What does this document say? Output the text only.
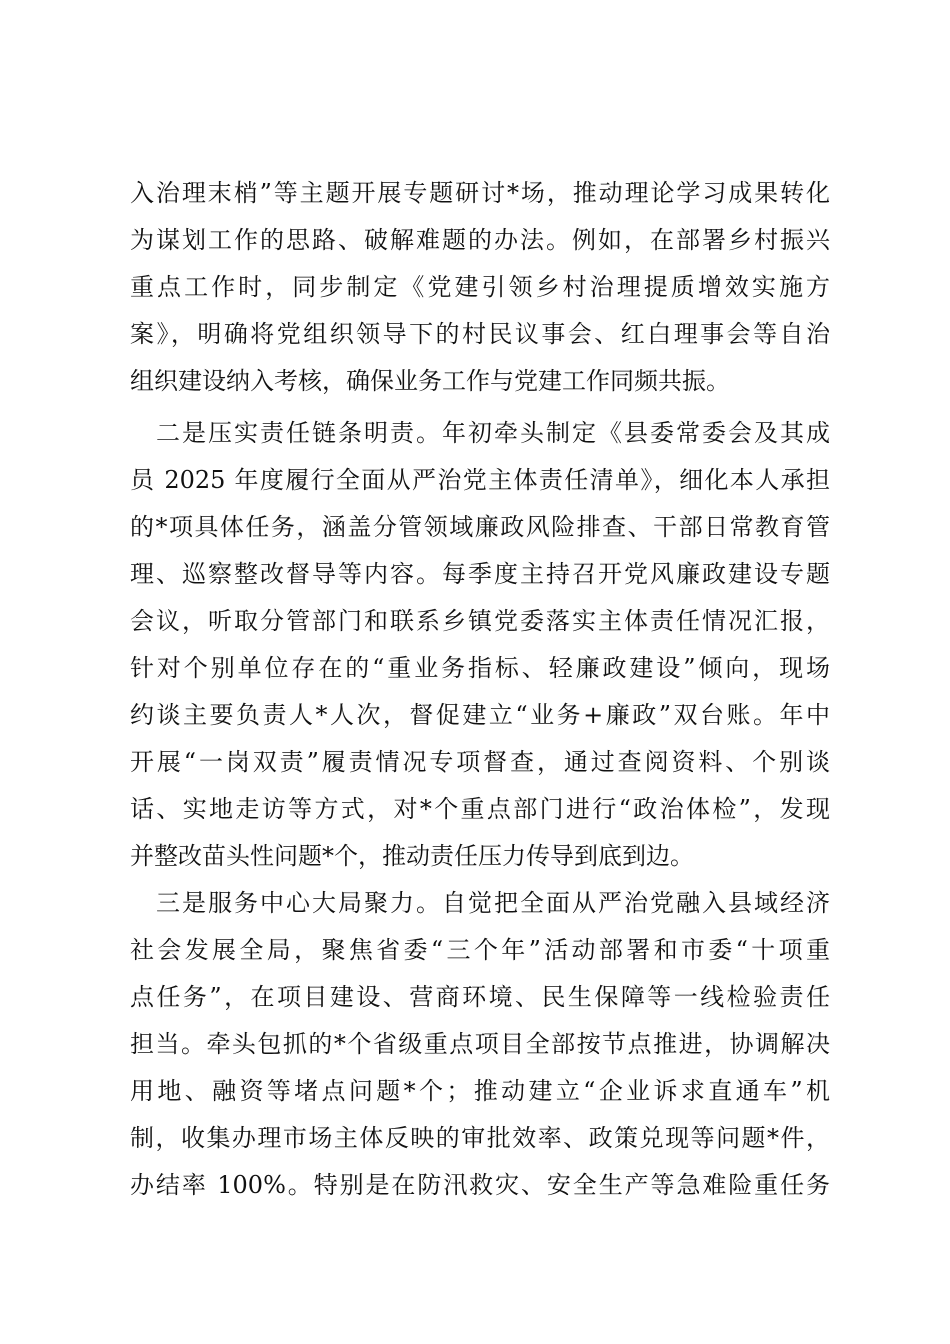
入治理末梢”等主题开展专题研讨*场，推动理论学习成果转化
为谋划工作的思路、破解难题的办法。例如，在部署乡村振兴
重点工作时，同步制定《党建引领乡村治理提质增效实施方
案》，明确将党组织领导下的村民议事会、红白理事会等自治
组织建设纳入考核，确保业务工作与党建工作同频共振。
　二是压实责任链条明责。年初牵头制定《县委常委会及其成
员 2025 年度履行全面从严治党主体责任清单》，细化本人承担
的*项具体任务，涵盖分管领域廉政风险排查、干部日常教育管
理、巡察整改督导等内容。每季度主持召开党风廉政建设专题
会议，听取分管部门和联系乡镇党委落实主体责任情况汇报，
针对个别单位存在的“重业务指标、轻廉政建设”倾向，现场
约谈主要负责人*人次，督促建立“业务+廉政”双台账。年中
开展“一岗双责”履责情况专项督查，通过查阅资料、个别谈
话、实地走访等方式，对*个重点部门进行“政治体检”，发现
并整改苗头性问题*个，推动责任压力传导到底到边。
　三是服务中心大局聚力。自觉把全面从严治党融入县域经济
社会发展全局，聚焦省委“三个年”活动部署和市委“十项重
点任务”，在项目建设、营商环境、民生保障等一线检验责任
担当。牵头包抓的*个省级重点项目全部按节点推进，协调解决
用地、融资等堵点问题*个；推动建立“企业诉求直通车”机
制，收集办理市场主体反映的审批效率、政策兑现等问题*件，
办结率 100%。特别是在防汛救灾、安全生产等急难险重任务
